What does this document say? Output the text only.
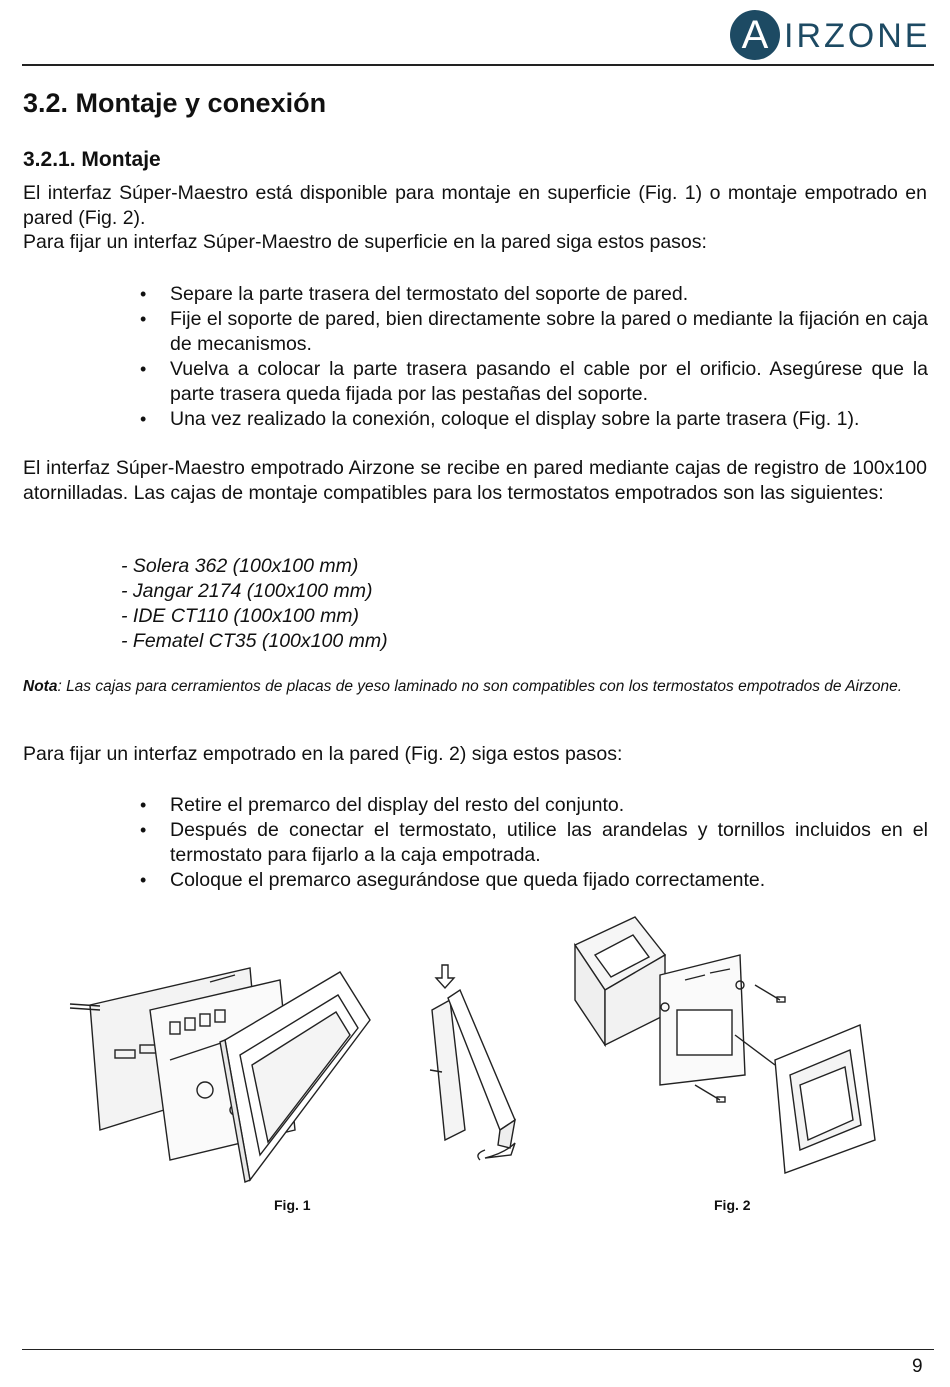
A IRZONE
3.2. Montaje y conexión
3.2.1. Montaje

El interfaz Súper-Maestro está disponible para montaje en superficie (Fig. 1) o montaje empotrado en pared (Fig. 2).

Para fijar un interfaz Súper-Maestro de superficie en la pared siga estos pasos:

• Separe la parte trasera del termostato del soporte de pared.
• Fije el soporte de pared, bien directamente sobre la pared o mediante la fijación en caja de mecanismos.
• Vuelva a colocar la parte trasera pasando el cable por el orificio. Asegúrese que la parte trasera queda fijada por las pestañas del soporte.
• Una vez realizado la conexión, coloque el display sobre la parte trasera (Fig. 1).

El interfaz Súper-Maestro empotrado Airzone se recibe en pared mediante cajas de registro de 100x100 atornilladas. Las cajas de montaje compatibles para los termostatos empotrados son las siguientes:

- Solera 362 (100x100 mm)
- Jangar 2174 (100x100 mm)
- IDE CT110 (100x100 mm)
- Fematel CT35 (100x100 mm)

Nota: Las cajas para cerramientos de placas de yeso laminado no son compatibles con los termostatos empotrados de Airzone.

Para fijar un interfaz empotrado en la pared (Fig. 2) siga estos pasos:

• Retire el premarco del display del resto del conjunto.
• Después de conectar el termostato, utilice las arandelas y tornillos incluidos en el termostato para fijarlo a la caja empotrada.
• Coloque el premarco asegurándose que queda fijado correctamente.
Fig. 1	Fig. 2
9
